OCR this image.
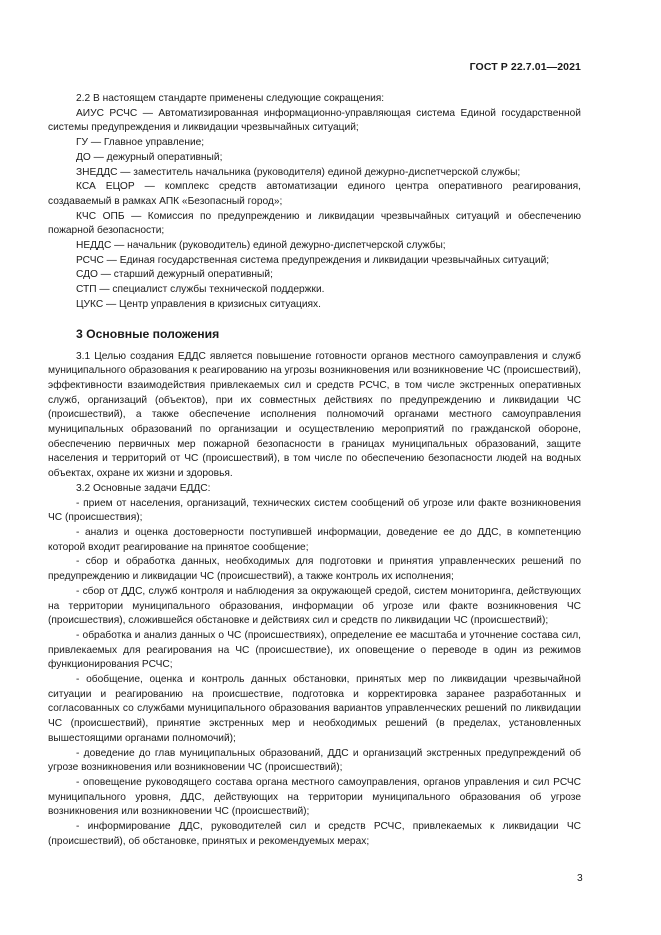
ГОСТ Р 22.7.01—2021

2.2 В настоящем стандарте применены следующие сокращения:

АИУС РСЧС — Автоматизированная информационно-управляющая система Единой государственной системы предупреждения и ликвидации чрезвычайных ситуаций;

ГУ — Главное управление;

ДО — дежурный оперативный;

ЗНЕДДС — заместитель начальника (руководителя) единой дежурно-диспетчерской службы;

КСА ЕЦОР — комплекс средств автоматизации единого центра оперативного реагирования, создаваемый в рамках АПК «Безопасный город»;

КЧС ОПБ — Комиссия по предупреждению и ликвидации чрезвычайных ситуаций и обеспечению пожарной безопасности;

НЕДДС — начальник (руководитель) единой дежурно-диспетчерской службы;

РСЧС — Единая государственная система предупреждения и ликвидации чрезвычайных ситуаций;

СДО — старший дежурный оперативный;

СТП — специалист службы технической поддержки.

ЦУКС — Центр управления в кризисных ситуациях.

3 Основные положения

3.1 Целью создания ЕДДС является повышение готовности органов местного самоуправления и служб муниципального образования к реагированию на угрозы возникновения или возникновение ЧС (происшествий), эффективности взаимодействия привлекаемых сил и средств РСЧС, в том числе экстренных оперативных служб, организаций (объектов), при их совместных действиях по предупреждению и ликвидации ЧС (происшествий), а также обеспечение исполнения полномочий органами местного самоуправления муниципальных образований по организации и осуществлению мероприятий по гражданской обороне, обеспечению первичных мер пожарной безопасности в границах муниципальных образований, защите населения и территорий от ЧС (происшествий), в том числе по обеспечению безопасности людей на водных объектах, охране их жизни и здоровья.

3.2 Основные задачи ЕДДС:

- прием от населения, организаций, технических систем сообщений об угрозе или факте возникновения ЧС (происшествия);

- анализ и оценка достоверности поступившей информации, доведение ее до ДДС, в компетенцию которой входит реагирование на принятое сообщение;

- сбор и обработка данных, необходимых для подготовки и принятия управленческих решений по предупреждению и ликвидации ЧС (происшествий), а также контроль их исполнения;

- сбор от ДДС, служб контроля и наблюдения за окружающей средой, систем мониторинга, действующих на территории муниципального образования, информации об угрозе или факте возникновения ЧС (происшествия), сложившейся обстановке и действиях сил и средств по ликвидации ЧС (происшествий);

- обработка и анализ данных о ЧС (происшествиях), определение ее масштаба и уточнение состава сил, привлекаемых для реагирования на ЧС (происшествие), их оповещение о переводе в один из режимов функционирования РСЧС;

- обобщение, оценка и контроль данных обстановки, принятых мер по ликвидации чрезвычайной ситуации и реагированию на происшествие, подготовка и корректировка заранее разработанных и согласованных со службами муниципального образования вариантов управленческих решений по ликвидации ЧС (происшествий), принятие экстренных мер и необходимых решений (в пределах, установленных вышестоящими органами полномочий);

- доведение до глав муниципальных образований, ДДС и организаций экстренных предупреждений об угрозе возникновения или возникновении ЧС (происшествий);

- оповещение руководящего состава органа местного самоуправления, органов управления и сил РСЧС муниципального уровня, ДДС, действующих на территории муниципального образования об угрозе возникновения или возникновении ЧС (происшествий);

- информирование ДДС, руководителей сил и средств РСЧС, привлекаемых к ликвидации ЧС (происшествий), об обстановке, принятых и рекомендуемых мерах;

3
